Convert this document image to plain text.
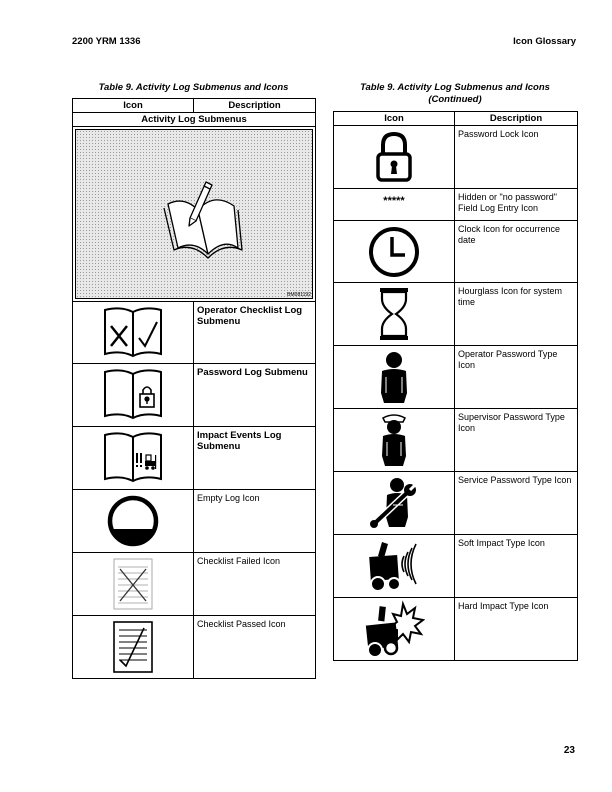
2200 YRM 1336	Icon Glossary
Table 9. Activity Log Submenus and Icons
Icon	Description
Activity Log Submenus	

BM081192	

	Operator Checklist Log Submenu

	Password Log Submenu

	Impact Events Log Submenu

	Empty Log Icon

	Checklist Failed Icon

	Checklist Passed Icon
Table 9. Activity Log Submenus and Icons
(Continued)
Icon	Description

	Password Lock Icon

*****	Hidden or "no password" Field Log Entry Icon

	Clock Icon for occurrence date

	Hourglass Icon for system time

	Operator Password Type Icon

	Supervisor Password Type Icon

	Service Password Type Icon

	Soft Impact Type Icon

	Hard Impact Type Icon
23
